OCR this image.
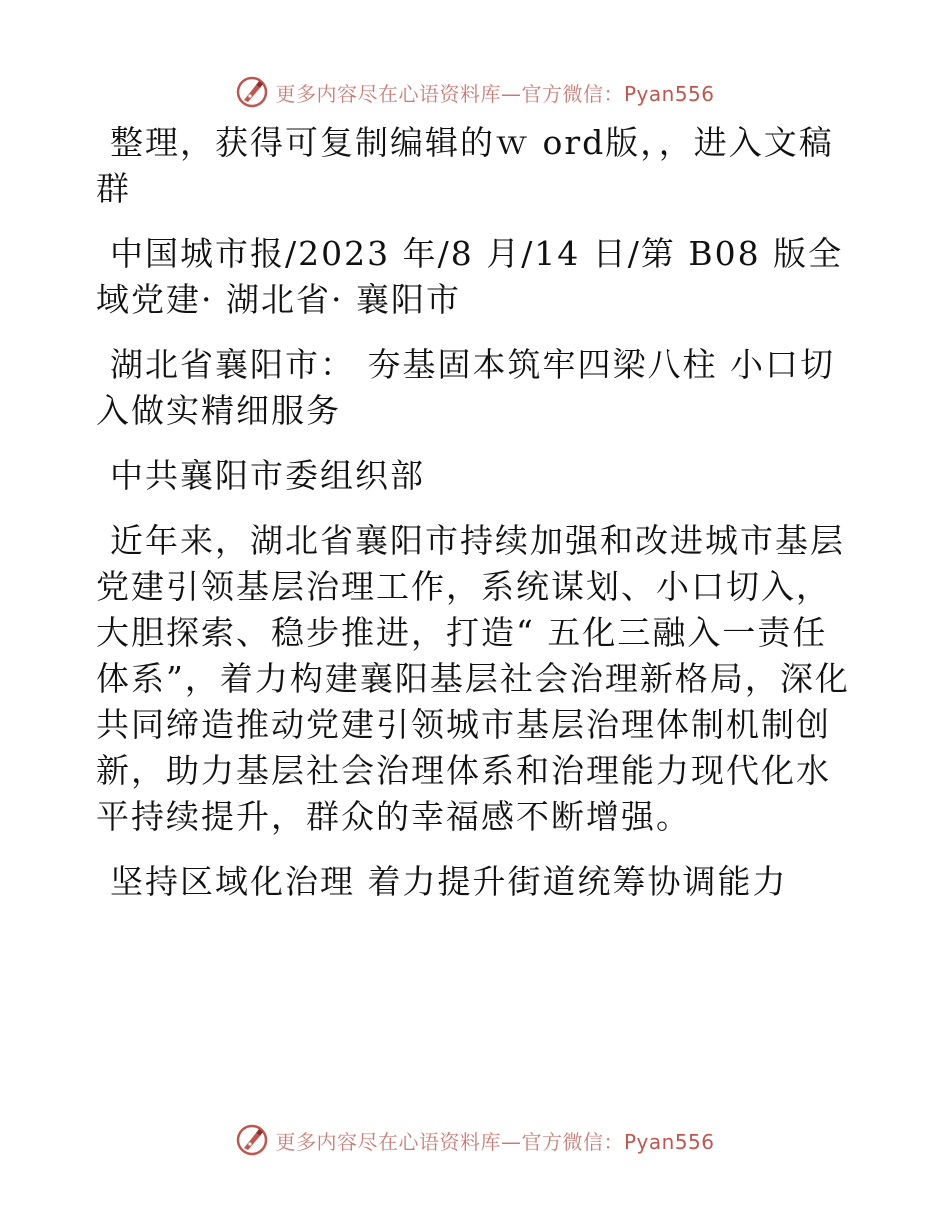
更多内容尽在心语资料库—官方微信：Pyan556

整理，获得可复制编辑的ｗ ord版，，进入文稿群

中国城市报/2023 年/8 月/14 日/第 B08 版全域党建· 湖北省· 襄阳市

湖北省襄阳市： 夯基固本筑牢四梁八柱 小口切入做实精细服务

中共襄阳市委组织部

近年来，湖北省襄阳市持续加强和改进城市基层党建引领基层治理工作，系统谋划、小口切入，大胆探索、稳步推进，打造“ 五化三融入一责任体系”，着力构建襄阳基层社会治理新格局，深化共同缔造推动党建引领城市基层治理体制机制创新，助力基层社会治理体系和治理能力现代化水平持续提升，群众的幸福感不断增强。

坚持区域化治理 着力提升街道统筹协调能力

更多内容尽在心语资料库—官方微信：Pyan556
